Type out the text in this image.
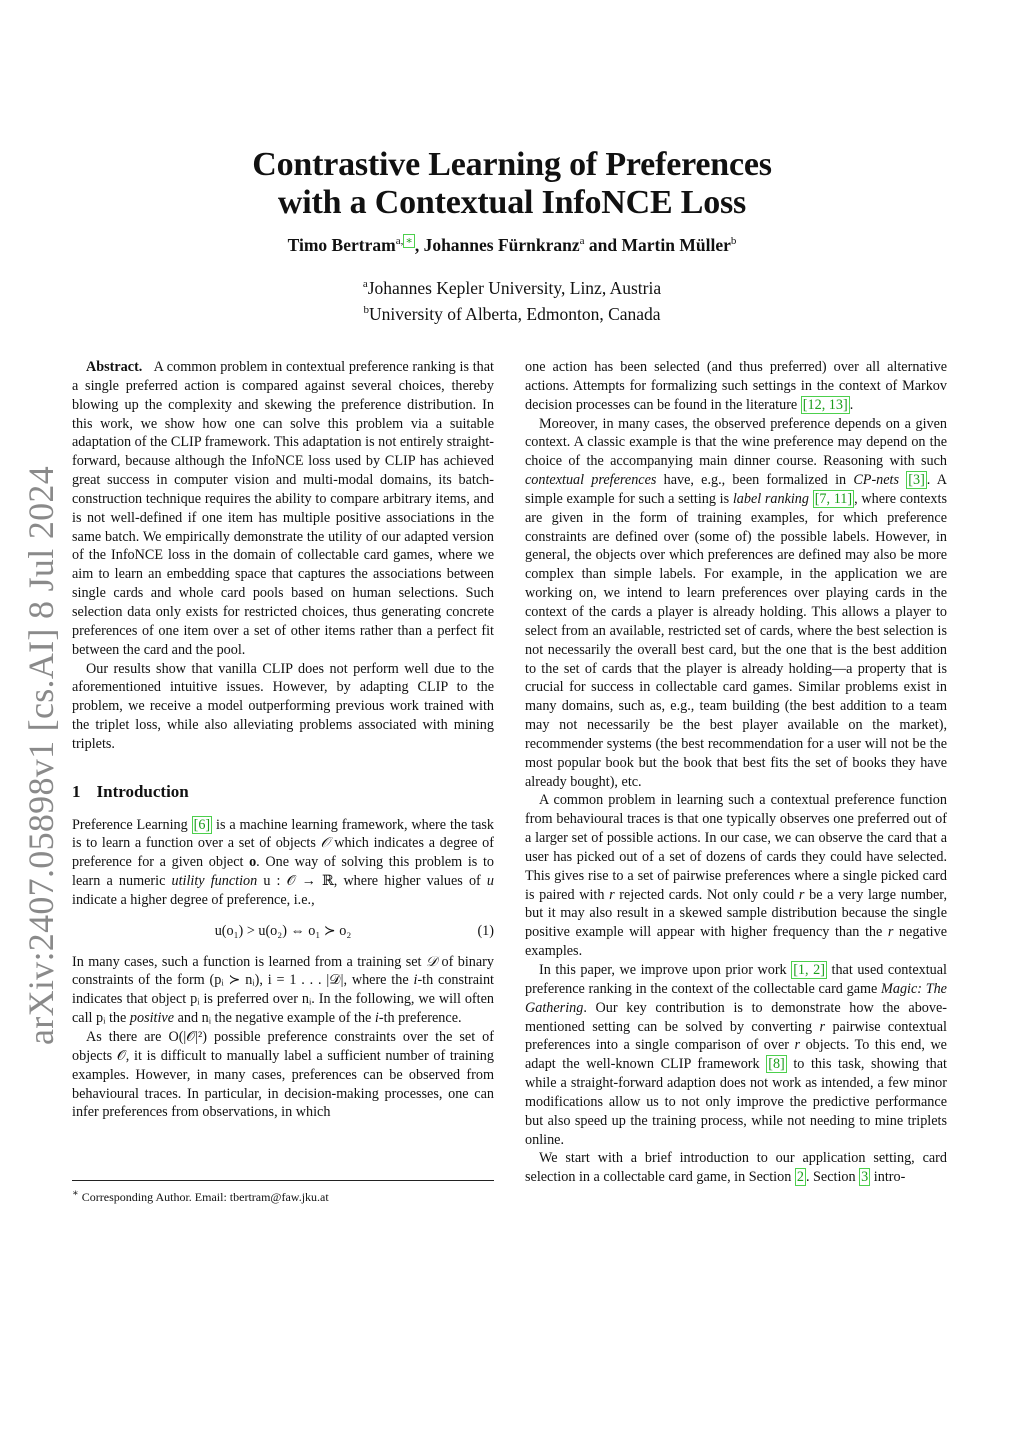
arXiv:2407.05898v1 [cs.AI] 8 Jul 2024
Contrastive Learning of Preferences
with a Contextual InfoNCE Loss
Timo Bertram$^{a,}$ ∗ , Johannes Fürnkranz$^a$ and Martin Müller$^b$
$^a$Johannes Kepler University, Linz, Austria
$^b$University of Alberta, Edmonton, Canada

Abstract. A common problem in contextual preference ranking is that a single preferred action is compared against several choices, thereby blowing up the complexity and skewing the preference distribution. In this work, we show how one can solve this problem via a suitable adaptation of the CLIP framework. This adaptation is not entirely straight-forward, because although the InfoNCE loss used by CLIP has achieved great success in computer vision and multi-modal domains, its batch-construction technique requires the ability to compare arbitrary items, and is not well-defined if one item has multiple positive associations in the same batch. We empirically demonstrate the utility of our adapted version of the InfoNCE loss in the domain of collectable card games, where we aim to learn an embedding space that captures the associations between single cards and whole card pools based on human selections. Such selection data only exists for restricted choices, thus generating concrete preferences of one item over a set of other items rather than a perfect fit between the card and the pool.

Our results show that vanilla CLIP does not perform well due to the aforementioned intuitive issues. However, by adapting CLIP to the problem, we receive a model outperforming previous work trained with the triplet loss, while also alleviating problems associated with mining triplets.

1 Introduction

Preference Learning [6] is a machine learning framework, where the task is to learn a function over a set of objects 𝒪 which indicates a degree of preference for a given object o. One way of solving this problem is to learn a numeric utility function u : 𝒪 → ℝ, where higher values of u indicate a higher degree of preference, i.e.,

u(o₁) > u(o₂) ⇔ o₁ ≻ o₂	(1)

In many cases, such a function is learned from a training set 𝒟 of binary constraints of the form (pᵢ ≻ nᵢ), i = 1 . . . |𝒟|, where the i-th constraint indicates that object pᵢ is preferred over nᵢ. In the following, we will often call pᵢ the positive and nᵢ the negative example of the i-th preference.

As there are O(|𝒪|²) possible preference constraints over the set of objects 𝒪, it is difficult to manually label a sufficient number of training examples. However, in many cases, preferences can be observed from behavioural traces. In particular, in decision-making processes, one can infer preferences from observations, in which

one action has been selected (and thus preferred) over all alternative actions. Attempts for formalizing such settings in the context of Markov decision processes can be found in the literature [12, 13] .

Moreover, in many cases, the observed preference depends on a given context. A classic example is that the wine preference may depend on the choice of the accompanying main dinner course. Reasoning with such contextual preferences have, e.g., been formalized in CP-nets [3] . A simple example for such a setting is label ranking [7, 11] , where contexts are given in the form of training examples, for which preference constraints are defined over (some of) the possible labels. However, in general, the objects over which preferences are defined may also be more complex than simple labels. For example, in the application we are working on, we intend to learn preferences over playing cards in the context of the cards a player is already holding. This allows a player to select from an available, restricted set of cards, where the best selection is not necessarily the overall best card, but the one that is the best addition to the set of cards that the player is already holding—a property that is crucial for success in collectable card games. Similar problems exist in many domains, such as, e.g., team building (the best addition to a team may not necessarily be the best player available on the market), recommender systems (the best recommendation for a user will not be the most popular book but the book that best fits the set of books they have already bought), etc.

A common problem in learning such a contextual preference function from behavioural traces is that one typically observes one preferred out of a larger set of possible actions. In our case, we can observe the card that a user has picked out of a set of dozens of cards they could have selected. This gives rise to a set of pairwise preferences where a single picked card is paired with r rejected cards. Not only could r be a very large number, but it may also result in a skewed sample distribution because the single positive example will appear with higher frequency than the r negative examples.

In this paper, we improve upon prior work [1, 2] that used contextual preference ranking in the context of the collectable card game Magic: The Gathering. Our key contribution is to demonstrate how the above-mentioned setting can be solved by converting r pairwise contextual preferences into a single comparison of over r objects. To this end, we adapt the well-known CLIP framework [8] to this task, showing that while a straight-forward adaption does not work as intended, a few minor modifications allow us to not only improve the predictive performance but also speed up the training process, while not needing to mine triplets online.

We start with a brief introduction to our application setting, card selection in a collectable card game, in Section 2 . Section 3 intro-

∗ Corresponding Author. Email: tbertram@faw.jku.at
